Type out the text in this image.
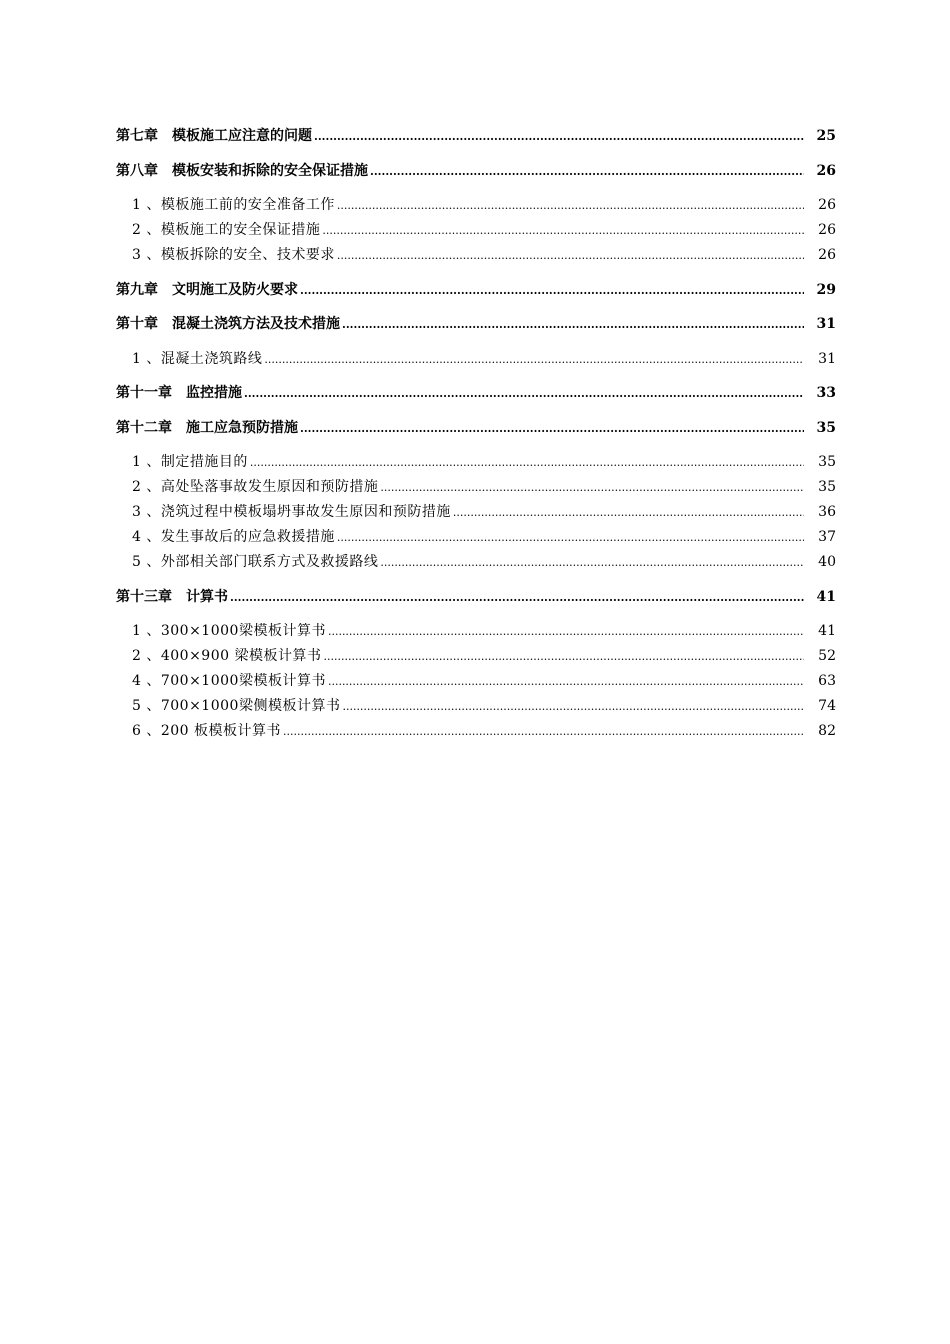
第七章　模板施工应注意的问题 .....	25
第八章　模板安装和拆除的安全保证措施 .....	26
1 、模板施工前的安全准备工作 .....	26
2 、模板施工的安全保证措施 .....	26
3 、模板拆除的安全、技术要求 .....	26
第九章　文明施工及防火要求 .....	29
第十章　混凝土浇筑方法及技术措施 .....	31
1 、混凝土浇筑路线 .....	31
第十一章　监控措施 .....	33
第十二章　施工应急预防措施 .....	35
1 、制定措施目的 .....	35
2 、高处坠落事故发生原因和预防措施 .....	35
3 、浇筑过程中模板塌坍事故发生原因和预防措施 .....	36
4 、发生事故后的应急救援措施 .....	37
5 、外部相关部门联系方式及救援路线 .....	40
第十三章　计算书 .....	41
1 、300×1000梁模板计算书 .....	41
2 、400×900 梁模板计算书 .....	52
4 、700×1000梁模板计算书 .....	63
5 、700×1000梁侧模板计算书 .....	74
6 、200 板模板计算书 .....	82
